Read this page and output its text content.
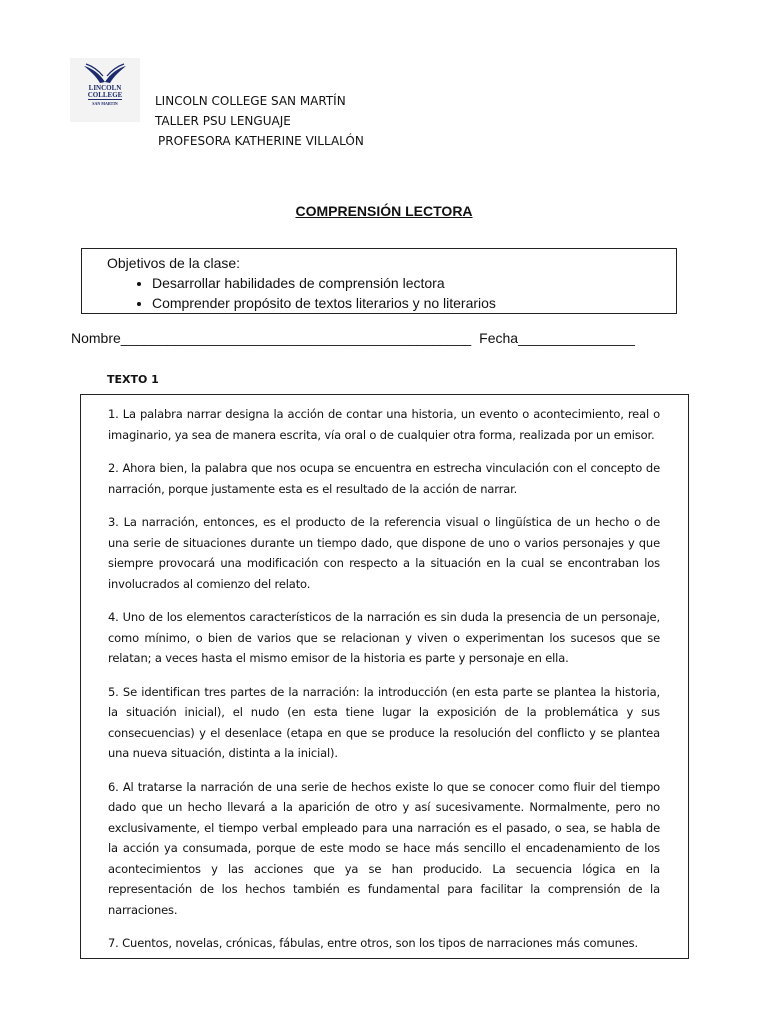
LINCOLN
COLLEGE
SAN MARTIN	LINCOLN COLLEGE SAN MARTÍN
TALLER PSU LENGUAJE
PROFESORA KATHERINE VILLALÓN
COMPRENSIÓN LECTORA
Objetivos de la clase:
• Desarrollar habilidades de comprensión lectora
• Comprender propósito de textos literarios y no literarios
Nombre_____________________________________________ Fecha_______________
TEXTO 1

1. La palabra narrar designa la acción de contar una historia, un evento o acontecimiento, real o imaginario, ya sea de manera escrita, vía oral o de cualquier otra forma, realizada por un emisor.

2. Ahora bien, la palabra que nos ocupa se encuentra en estrecha vinculación con el concepto de narración, porque justamente esta es el resultado de la acción de narrar.

3. La narración, entonces, es el producto de la referencia visual o lingüística de un hecho o de una serie de situaciones durante un tiempo dado, que dispone de uno o varios personajes y que siempre provocará una modificación con respecto a la situación en la cual se encontraban los involucrados al comienzo del relato.

4. Uno de los elementos característicos de la narración es sin duda la presencia de un personaje, como mínimo, o bien de varios que se relacionan y viven o experimentan los sucesos que se relatan; a veces hasta el mismo emisor de la historia es parte y personaje en ella.

5. Se identifican tres partes de la narración: la introducción (en esta parte se plantea la historia, la situación inicial), el nudo (en esta tiene lugar la exposición de la problemática y sus consecuencias) y el desenlace (etapa en que se produce la resolución del conflicto y se plantea una nueva situación, distinta a la inicial).

6. Al tratarse la narración de una serie de hechos existe lo que se conocer como fluir del tiempo dado que un hecho llevará a la aparición de otro y así sucesivamente. Normalmente, pero no exclusivamente, el tiempo verbal empleado para una narración es el pasado, o sea, se habla de la acción ya consumada, porque de este modo se hace más sencillo el encadenamiento de los acontecimientos y las acciones que ya se han producido. La secuencia lógica en la representación de los hechos también es fundamental para facilitar la comprensión de la narraciones.

7. Cuentos, novelas, crónicas, fábulas, entre otros, son los tipos de narraciones más comunes.
